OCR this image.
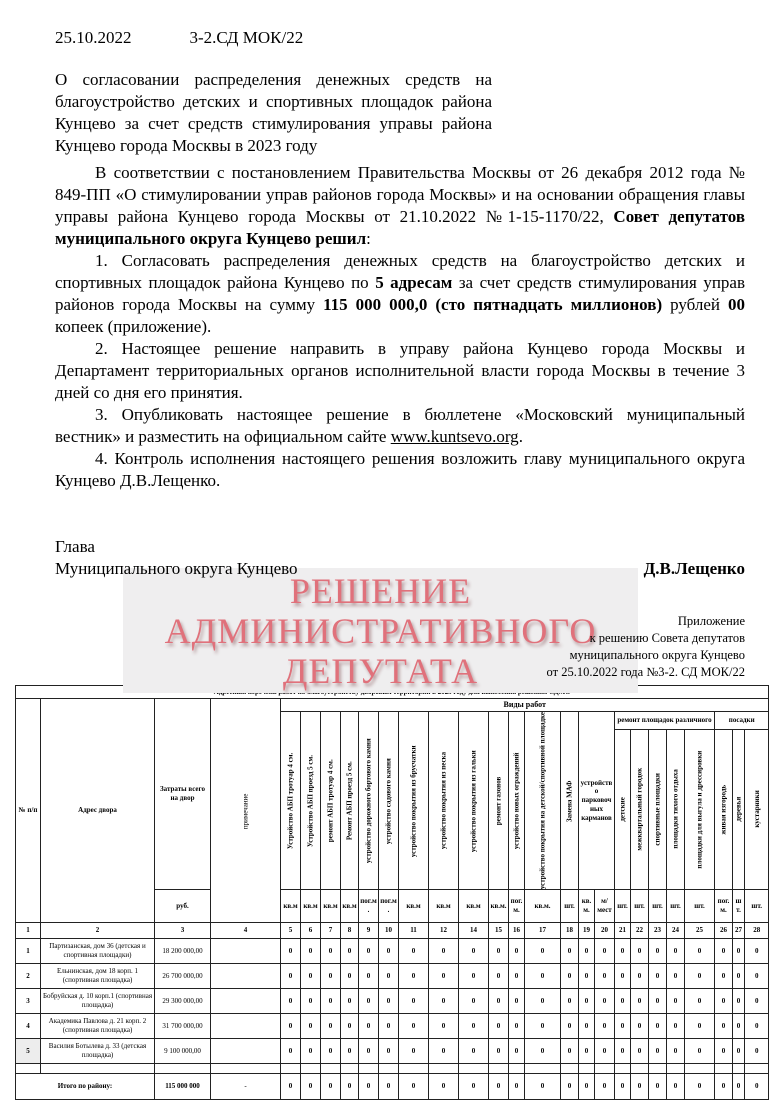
25.10.2022	3-2.СД МОК/22
О согласовании распределения денежных средств на благоустройство детских и спортивных площадок района Кунцево за счет средств стимулирования управы района Кунцево города Москвы в 2023 году

В соответствии с постановлением Правительства Москвы от 26 декабря 2012 года № 849-ПП «О стимулировании управ районов города Москвы» и на основании обращения главы управы района Кунцево города Москвы от 21.10.2022 №1-15-1170/22, Совет депутатов муниципального округа Кунцево решил:

1. Согласовать распределения денежных средств на благоустройство детских и спортивных площадок района Кунцево по 5 адресам за счет средств стимулирования управ районов города Москвы на сумму 115 000 000,0 (сто пятнадцать миллионов) рублей 00 копеек (приложение).

2. Настоящее решение направить в управу района Кунцево города Москвы и Департамент территориальных органов исполнительной власти города Москвы в течение 3 дней со дня его принятия.

3. Опубликовать настоящее решение в бюллетене «Московский муниципальный вестник» и разместить на официальном сайте www.kuntsevo.org.

4. Контроль исполнения настоящего решения возложить главу муниципального округа Кунцево Д.В.Лещенко.

РЕШЕНИЕ
АДМИНИСТРАТИВНОГО
ДЕПУТАТА
Глава
Муниципального округа Кунцево	Д.В.Лещенко
Приложение
к решению Совета депутатов
муниципального округа Кунцево
от 25.10.2022 года №3-2. СД МОК/22

№ п/п	Адрес двора	Затраты всего на двор	примечание	Виды работ																						
				Устройство АБП тротуар 4 см.	Устройство АБП проезд 5 см.	ремонт АБП тротуар 4 см.	Ремонт АБП проезд 5 см.	устройство дорожного бортового камня	устройство садового камня	устройство покрытия из брусчатки	устройство покрытия из песка	устройство покрытия из гальки	ремонт газонов	устройство новых ограждений	устройство покрытия на детской/спортивной площадке	Замена МАФ	устройство парковочных карманов		ремонт площадок различного					посадки		
																			детские	межквартальный городок	спортивные площадки	площадки тихого отдыха	площадки для выгула и дрессировки	живая изгородь	деревья	кустарники
		руб.		кв.м	кв.м	кв.м	кв.м	пог.м.	пог.м.	кв.м	кв.м	кв.м	кв.м.	пог. м.	кв.м.	шт.	кв.м.	м/мест	шт.	шт.	шт.	шт.	шт.	пог. м.	шт.	шт.
1	2	3	4	5	6	7	8	9	10	11	12	14	15	16	17	18	19	20	21	22	23	24	25	26	27	28
1	Партизанская, дом 36 (детская и спортивная площадки)	18 200 000,00		0	0	0	0	0	0	0	0	0	0	0	0	0	0	0	0	0	0	0	0	0	0	0
2	Ельнинская, дом 18 корп. 1 (спортивная площадка)	26 700 000,00		0	0	0	0	0	0	0	0	0	0	0	0	0	0	0	0	0	0	0	0	0	0	0
3	Бобруйская д. 10 корп.1 (спортивная площадка)	29 300 000,00		0	0	0	0	0	0	0	0	0	0	0	0	0	0	0	0	0	0	0	0	0	0	0
4	Академика Павлова д. 21 корп. 2 (спортивная площадка)	31 700 000,00		0	0	0	0	0	0	0	0	0	0	0	0	0	0	0	0	0	0	0	0	0	0	0
5	Василия Ботылева д. 33 (детская площадка)	9 100 000,00		0	0	0	0	0	0	0	0	0	0	0	0	0	0	0	0	0	0	0	0	0	0	0

Итого по району:		115 000 000	-	0	0	0	0	0	0	0	0	0	0	0	0	0	0	0	0	0	0	0	0	0	0	0
